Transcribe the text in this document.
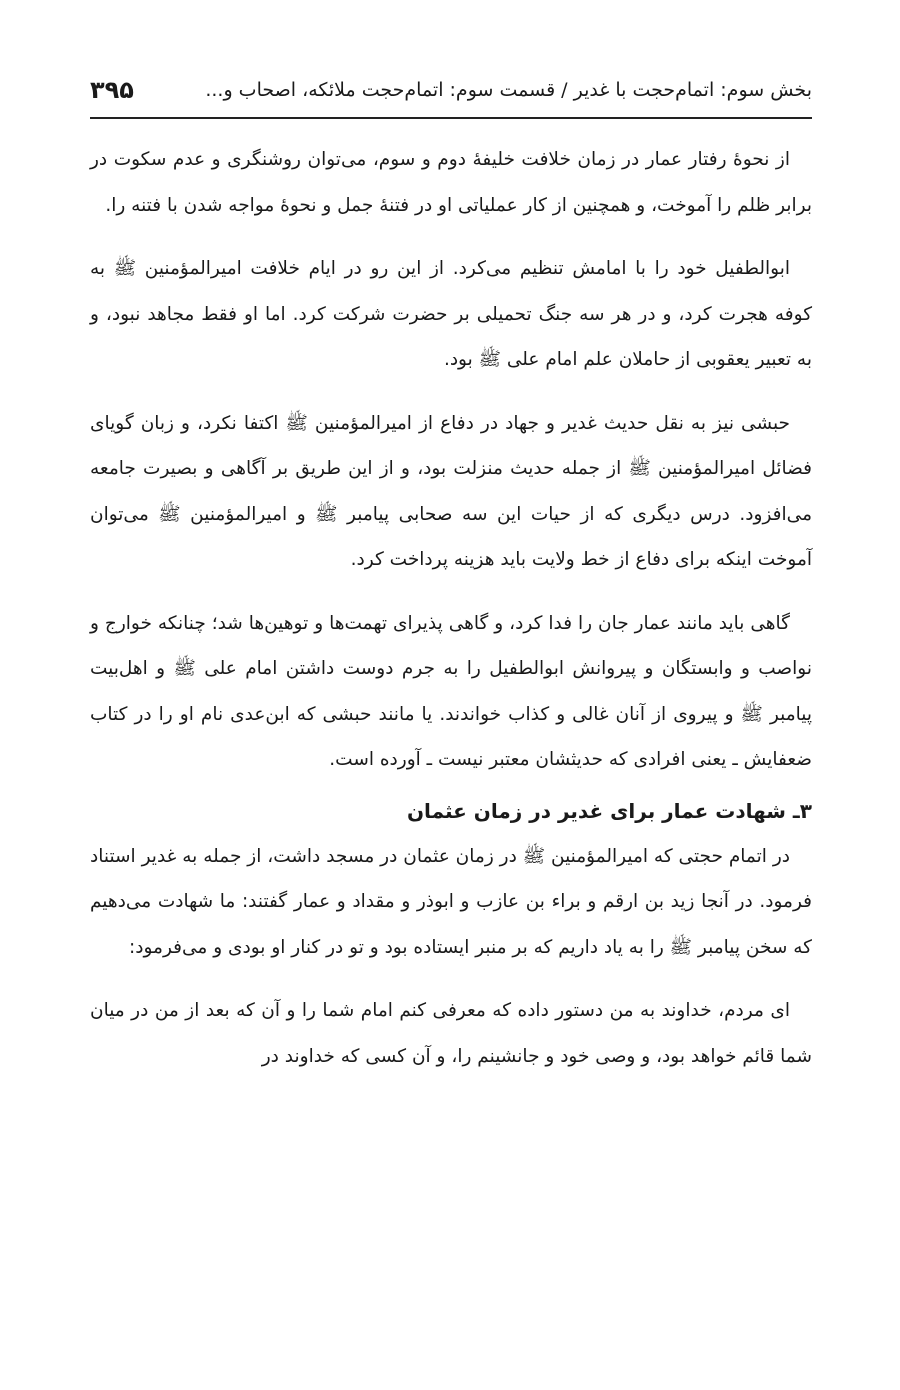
بخش سوم: اتمام‌حجت با غدیر / قسمت سوم: اتمام‌حجت ملائکه، اصحاب و...
۳۹۵

از نحوهٔ رفتار عمار در زمان خلافت خلیفهٔ دوم و سوم، می‌توان روشنگری و عدم سکوت در برابر ظلم را آموخت، و همچنین از کار عملیاتی او در فتنهٔ جمل و نحوهٔ مواجه شدن با فتنه را.

ابوالطفیل خود را با امامش تنظیم می‌کرد. از این رو در ایام خلافت امیرالمؤمنین ﷺ به کوفه هجرت کرد، و در هر سه جنگ تحمیلی بر حضرت شرکت کرد. اما او فقط مجاهد نبود، و به تعبیر یعقوبی از حاملان علم امام علی ﷺ بود.

حبشی نیز به نقل حدیث غدیر و جهاد در دفاع از امیرالمؤمنین ﷺ اکتفا نکرد، و زبان گویای فضائل امیرالمؤمنین ﷺ از جمله حدیث منزلت بود، و از این طریق بر آگاهی و بصیرت جامعه می‌افزود. درس دیگری که از حیات این سه صحابی پیامبر ﷺ و امیرالمؤمنین ﷺ می‌توان آموخت اینکه برای دفاع از خط ولایت باید هزینه پرداخت کرد.

گاهی باید مانند عمار جان را فدا کرد، و گاهی پذیرای تهمت‌ها و توهین‌ها شد؛ چنانکه خوارج و نواصب و وابستگان و پیروانش ابوالطفیل را به جرم دوست داشتن امام علی ﷺ و اهل‌بیت پیامبر ﷺ و پیروی از آنان غالی و کذاب خواندند. یا مانند حبشی که ابن‌عدی نام او را در کتاب ضعفایش ـ یعنی افرادی که حدیثشان معتبر نیست ـ آورده است.

۳ـ شهادت عمار برای غدیر در زمان عثمان

در اتمام حجتی که امیرالمؤمنین ﷺ در زمان عثمان در مسجد داشت، از جمله به غدیر استناد فرمود. در آنجا زید بن ارقم و براء بن عازب و ابوذر و مقداد و عمار گفتند: ما شهادت می‌دهیم که سخن پیامبر ﷺ را به یاد داریم که بر منبر ایستاده بود و تو در کنار او بودی و می‌فرمود:

ای مردم، خداوند به من دستور داده که معرفی کنم امام شما را و آن که بعد از من در میان شما قائم خواهد بود، و وصی خود و جانشینم را، و آن کسی که خداوند در
